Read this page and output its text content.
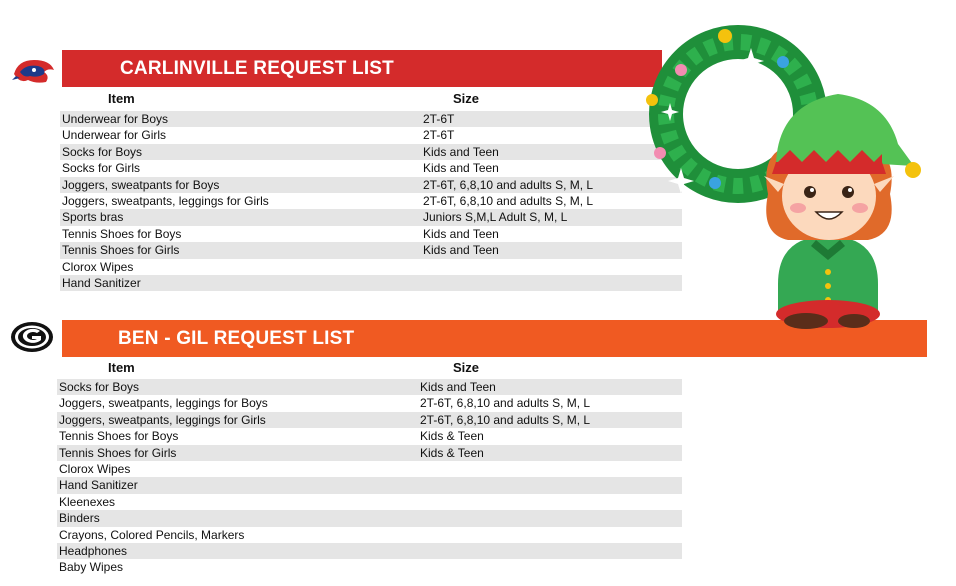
CARLINVILLE REQUEST LIST
Item	Size
Underwear for Boys	2T-6T
Underwear for Girls	2T-6T
Socks for Boys	Kids and Teen
Socks for Girls	Kids and Teen
Joggers, sweatpants for Boys	2T-6T, 6,8,10 and adults S, M, L
Joggers, sweatpants, leggings for Girls	2T-6T, 6,8,10 and adults S, M, L
Sports bras	Juniors S,M,L Adult S, M, L
Tennis Shoes for Boys	Kids and Teen
Tennis Shoes for Girls	Kids and Teen
Clorox Wipes
Hand Sanitizer
BEN - GIL REQUEST LIST
Item	Size
Socks for Boys	Kids and Teen
Joggers, sweatpants, leggings for Boys	2T-6T, 6,8,10 and adults S, M, L
Joggers, sweatpants, leggings for Girls	2T-6T, 6,8,10 and adults S, M, L
Tennis Shoes for Boys	Kids & Teen
Tennis Shoes for Girls	Kids & Teen
Clorox Wipes
Hand Sanitizer
Kleenexes
Binders
Crayons, Colored Pencils, Markers
Headphones
Baby Wipes
